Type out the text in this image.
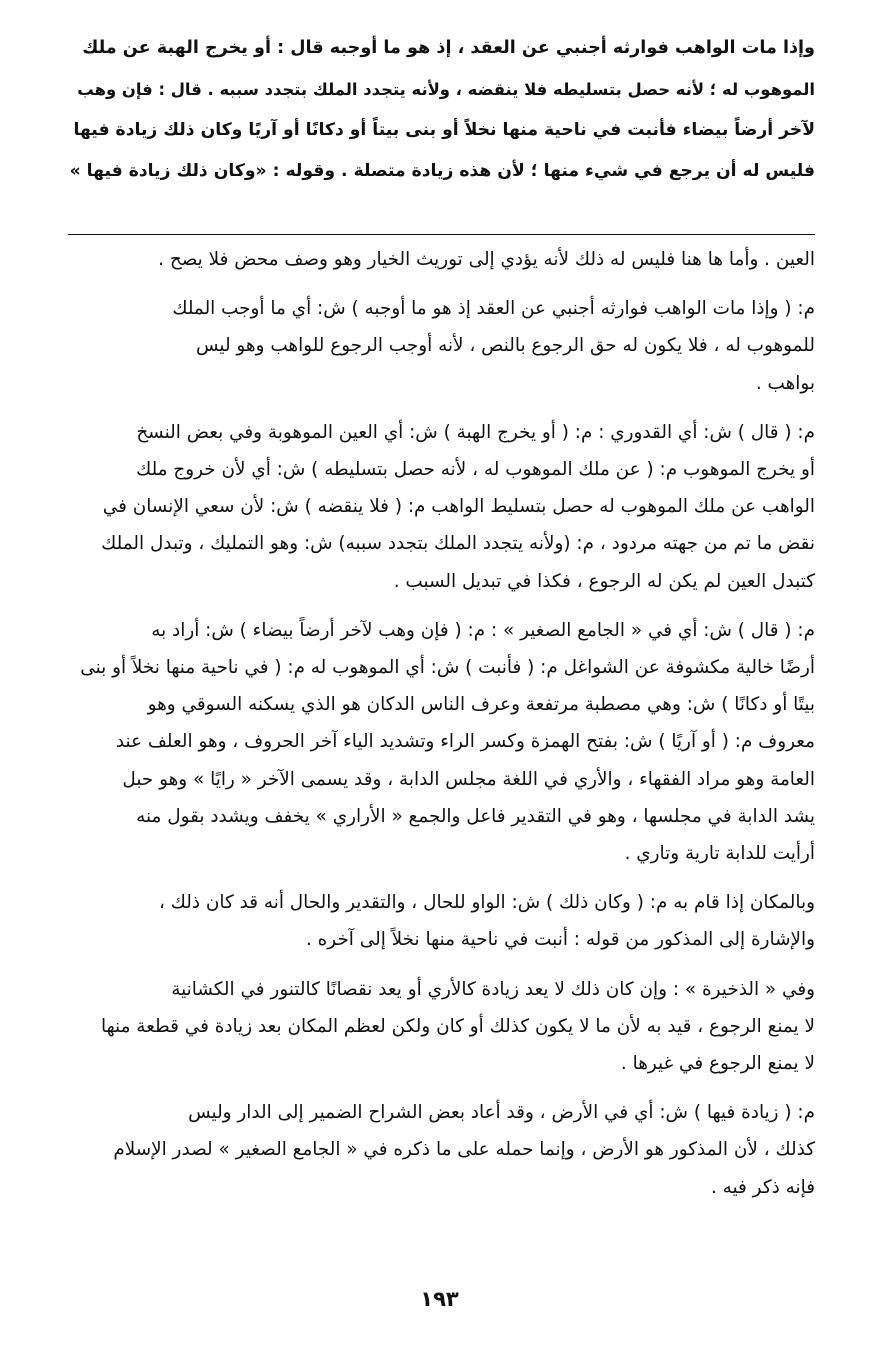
وإذا مات الواهب فوارثه أجنبي عن العقد ، إذ هو ما أوجبه قال : أو يخرج الهبة عن ملك
الموهوب له ؛ لأنه حصل بتسليطه فلا ينقضه ، ولأنه يتجدد الملك بتجدد سببه . قال : فإن وهب
لآخر أرضاً بيضاء فأنبت في ناحية منها نخلاً أو بنى بيتاً أو دكانًا أو آريًا وكان ذلك زيادة فيها
فليس له أن يرجع في شيء منها ؛ لأن هذه زيادة متصلة . وقوله : «وكان ذلك زيادة فيها »

العين . وأما ها هنا فليس له ذلك لأنه يؤدي إلى توريث الخيار وهو وصف محض فلا يصح .

م: ( وإذا مات الواهب فوارثه أجنبي عن العقد إذ هو ما أوجبه ) ش: أي ما أوجب الملك
للموهوب له ، فلا يكون له حق الرجوع بالنص ، لأنه أوجب الرجوع للواهب وهو ليس
بواهب .

م: ( قال ) ش: أي القدوري : م: ( أو يخرج الهبة ) ش: أي العين الموهوبة وفي بعض النسخ
أو يخرج الموهوب م: ( عن ملك الموهوب له ، لأنه حصل بتسليطه ) ش: أي لأن خروج ملك
الواهب عن ملك الموهوب له حصل بتسليط الواهب م: ( فلا ينقضه ) ش: لأن سعي الإنسان في
نقض ما تم من جهته مردود ، م: (ولأنه يتجدد الملك بتجدد سببه) ش: وهو التمليك ، وتبدل الملك
كتبدل العين لم يكن له الرجوع ، فكذا في تبديل السبب .

م: ( قال ) ش: أي في « الجامع الصغير » : م: ( فإن وهب لآخر أرضاً بيضاء ) ش: أراد به
أرضًا خالية مكشوفة عن الشواغل م: ( فأنبت ) ش: أي الموهوب له م: ( في ناحية منها نخلاً أو بنى
بيتًا أو دكانًا ) ش: وهي مصطبة مرتفعة وعرف الناس الدكان هو الذي يسكنه السوقي وهو
معروف م: ( أو آريًا ) ش: بفتح الهمزة وكسر الراء وتشديد الياء آخر الحروف ، وهو العلف عند
العامة وهو مراد الفقهاء ، والأري في اللغة مجلس الدابة ، وقد يسمى الآخر « رايًا » وهو حبل
يشد الدابة في مجلسها ، وهو في التقدير فاعل والجمع « الأراري » يخفف ويشدد بقول منه
أرأيت للدابة تارية وتاري .

وبالمكان إذا قام به م: ( وكان ذلك ) ش: الواو للحال ، والتقدير والحال أنه قد كان ذلك ،
والإشارة إلى المذكور من قوله : أنبت في ناحية منها نخلاً إلى آخره .

وفي « الذخيرة » : وإن كان ذلك لا يعد زيادة كالأري أو يعد نقصانًا كالتنور في الكشانية
لا يمنع الرجوع ، قيد به لأن ما لا يكون كذلك أو كان ولكن لعظم المكان بعد زيادة في قطعة منها
لا يمنع الرجوع في غيرها .

م: ( زيادة فيها ) ش: أي في الأرض ، وقد أعاد بعض الشراح الضمير إلى الدار وليس
كذلك ، لأن المذكور هو الأرض ، وإنما حمله على ما ذكره في « الجامع الصغير » لصدر الإسلام
فإنه ذكر فيه .

١٩٣
